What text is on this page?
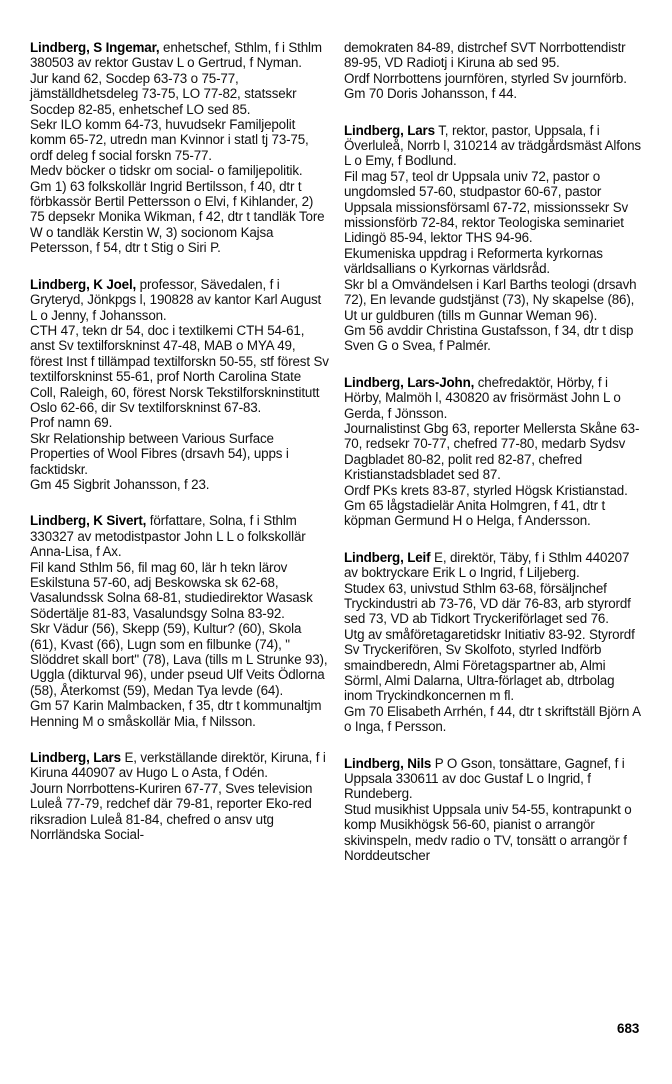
Lindberg, S Ingemar, enhetschef, Sthlm, f i Sthlm 380503 av rektor Gustav L o Gertrud, f Nyman.

Jur kand 62, Socdep 63-73 o 75-77, jämställdhetsdeleg 73-75, LO 77-82, statssekr Socdep 82-85, enhetschef LO sed 85.

Sekr ILO komm 64-73, huvudsekr Familjepolit komm 65-72, utredn man Kvinnor i statl tj 73-75, ordf deleg f social forskn 75-77.

Medv böcker o tidskr om social- o familjepolitik.

Gm 1) 63 folkskollär Ingrid Bertilsson, f 40, dtr t förbkassör Bertil Pettersson o Elvi, f Kihlander, 2) 75 depsekr Monika Wikman, f 42, dtr t tandläk Tore W o tandläk Kerstin W, 3) socionom Kajsa Petersson, f 54, dtr t Stig o Siri P.

Lindberg, K Joel, professor, Sävedalen, f i Gryteryd, Jönkpgs l, 190828 av kantor Karl August L o Jenny, f Johansson.

CTH 47, tekn dr 54, doc i textilkemi CTH 54-61, anst Sv textilforskninst 47-48, MAB o MYA 49, förest Inst f tillämpad textilforskn 50-55, stf förest Sv textilforskninst 55-61, prof North Carolina State Coll, Raleigh, 60, förest Norsk Tekstilforskninstitutt Oslo 62-66, dir Sv textilforskninst 67-83.

Prof namn 69.

Skr Relationship between Various Surface Properties of Wool Fibres (drsavh 54), upps i facktidskr.

Gm 45 Sigbrit Johansson, f 23.

Lindberg, K Sivert, författare, Solna, f i Sthlm 330327 av metodistpastor John L L o folkskollär Anna-Lisa, f Ax.

Fil kand Sthlm 56, fil mag 60, lär h tekn lärov Eskilstuna 57-60, adj Beskowska sk 62-68, Vasalundssk Solna 68-81, studiedirektor Wasask Södertälje 81-83, Vasalundsgy Solna 83-92.

Skr Vädur (56), Skepp (59), Kultur? (60), Skola (61), Kvast (66), Lugn som en filbunke (74), " Slöddret skall bort" (78), Lava (tills m L Strunke 93), Uggla (dikturval 96), under pseud Ulf Veits Ödlorna (58), Återkomst (59), Medan Tya levde (64).

Gm 57 Karin Malmbacken, f 35, dtr t kommunaltjm Henning M o småskollär Mia, f Nilsson.

Lindberg, Lars E, verkställande direktör, Kiruna, f i Kiruna 440907 av Hugo L o Asta, f Odén.

Journ Norrbottens-Kuriren 67-77, Sves television Luleå 77-79, redchef där 79-81, reporter Eko-red riksradion Luleå 81-84, chefred o ansv utg Norrländska Social-

demokraten 84-89, distrchef SVT Norrbottendistr 89-95, VD Radiotj i Kiruna ab sed 95.

Ordf Norrbottens journfören, styrled Sv journförb.

Gm 70 Doris Johansson, f 44.

Lindberg, Lars T, rektor, pastor, Uppsala, f i Överluleå, Norrb l, 310214 av trädgårdsmäst Alfons L o Emy, f Bodlund.

Fil mag 57, teol dr Uppsala univ 72, pastor o ungdomsled 57-60, studpastor 60-67, pastor Uppsala missionsförsaml 67-72, missionssekr Sv missionsförb 72-84, rektor Teologiska seminariet Lidingö 85-94, lektor THS 94-96.

Ekumeniska uppdrag i Reformerta kyrkornas världsallians o Kyrkornas världsråd.

Skr bl a Omvändelsen i Karl Barths teologi (drsavh 72), En levande gudstjänst (73), Ny skapelse (86), Ut ur guldburen (tills m Gunnar Weman 96).

Gm 56 avddir Christina Gustafsson, f 34, dtr t disp Sven G o Svea, f Palmér.

Lindberg, Lars-John, chefredaktör, Hörby, f i Hörby, Malmöh l, 430820 av frisörmäst John L o Gerda, f Jönsson.

Journalistinst Gbg 63, reporter Mellersta Skåne 63-70, redsekr 70-77, chefred 77-80, medarb Sydsv Dagbladet 80-82, polit red 82-87, chefred Kristianstadsbladet sed 87.

Ordf PKs krets 83-87, styrled Högsk Kristianstad.

Gm 65 lågstadielär Anita Holmgren, f 41, dtr t köpman Germund H o Helga, f Andersson.

Lindberg, Leif E, direktör, Täby, f i Sthlm 440207 av boktryckare Erik L o Ingrid, f Liljeberg.

Studex 63, univstud Sthlm 63-68, försäljnchef Tryckindustri ab 73-76, VD där 76-83, arb styrordf sed 73, VD ab Tidkort Tryckeriförlaget sed 76.

Utg av småföretagaretidskr Initiativ 83-92. Styrordf Sv Tryckerifören, Sv Skolfoto, styrled Indförb smaindberedn, Almi Företagspartner ab, Almi Sörml, Almi Dalarna, Ultra-förlaget ab, dtrbolag inom Tryckindkoncernen m fl.

Gm 70 Elisabeth Arrhén, f 44, dtr t skriftställ Björn A o Inga, f Persson.

Lindberg, Nils P O Gson, tonsättare, Gagnef, f i Uppsala 330611 av doc Gustaf L o Ingrid, f Rundeberg.

Stud musikhist Uppsala univ 54-55, kontrapunkt o komp Musikhögsk 56-60, pianist o arrangör skivinspeln, medv radio o TV, tonsätt o arrangör f Norddeutscher

683
